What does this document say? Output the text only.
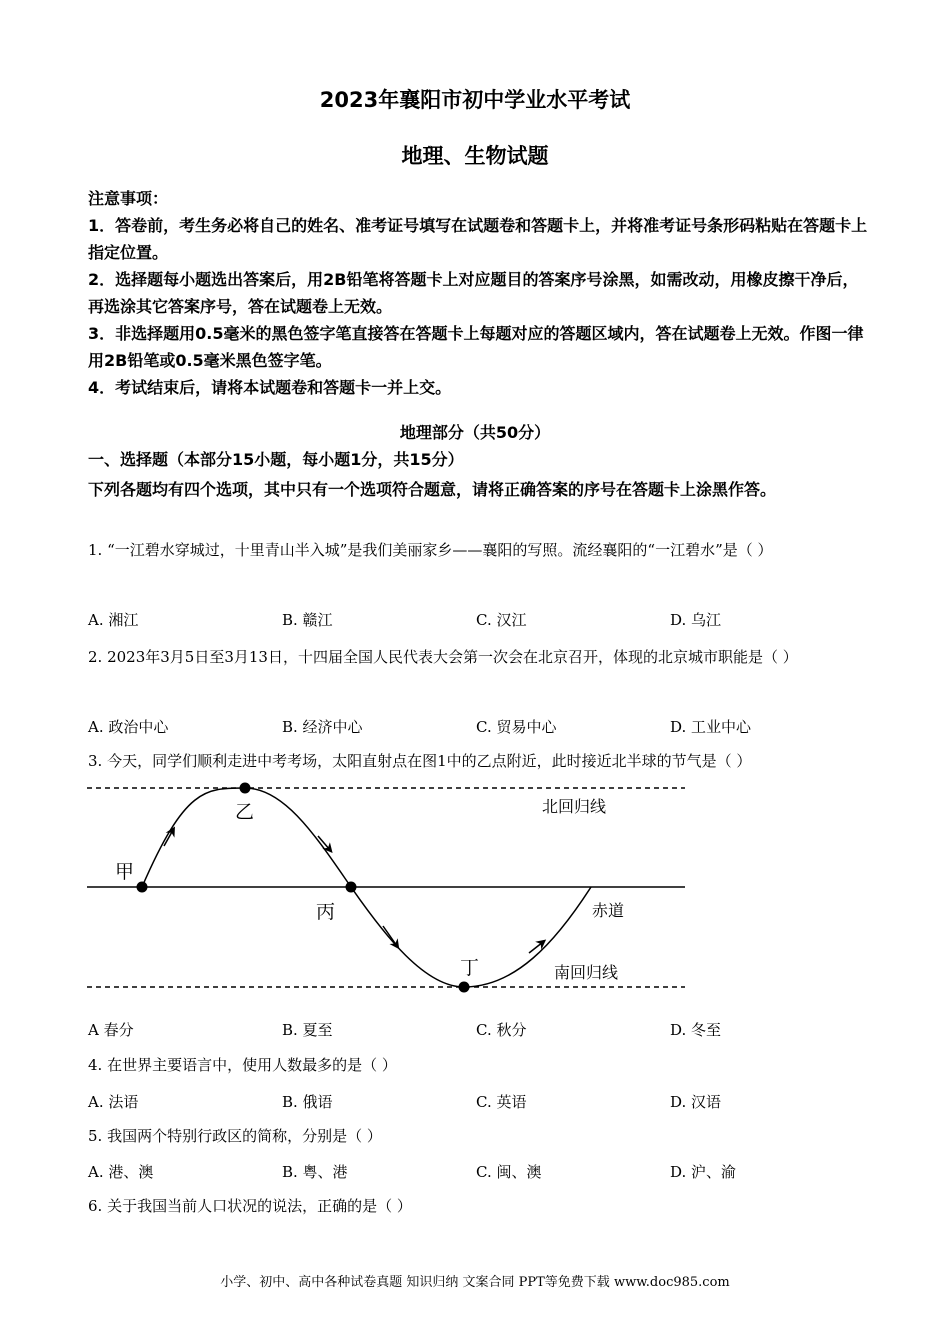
2023年襄阳市初中学业水平考试
地理、生物试题

注意事项：

1．答卷前，考生务必将自己的姓名、准考证号填写在试题卷和答题卡上，并将准考证号条形码粘贴在答题卡上指定位置。

2．选择题每小题选出答案后，用2B铅笔将答题卡上对应题目的答案序号涂黑，如需改动，用橡皮擦干净后，再选涂其它答案序号，答在试题卷上无效。

3．非选择题用0.5毫米的黑色签字笔直接答在答题卡上每题对应的答题区域内，答在试题卷上无效。作图一律用2B铅笔或0.5毫米黑色签字笔。

4．考试结束后，请将本试题卷和答题卡一并上交。

地理部分（共50分）

一、选择题（本部分15小题，每小题1分，共15分）

下列各题均有四个选项，其中只有一个选项符合题意，请将正确答案的序号在答题卡上涂黑作答。

1. “一江碧水穿城过，十里青山半入城”是我们美丽家乡——襄阳的写照。流经襄阳的“一江碧水”是（ ）

A. 湘江	B. 赣江	C. 汉江	D. 乌江

2. 2023年3月5日至3月13日，十四届全国人民代表大会第一次会在北京召开，体现的北京城市职能是（ ）

A. 政治中心	B. 经济中心	C. 贸易中心	D. 工业中心

3. 今天，同学们顺利走进中考考场，太阳直射点在图1中的乙点附近，此时接近北半球的节气是（ ）

甲
乙
丙
丁
北回归线
赤道
南回归线
A 春分	B. 夏至	C. 秋分	D. 冬至

4. 在世界主要语言中，使用人数最多的是（ ）

A. 法语	B. 俄语	C. 英语	D. 汉语

5. 我国两个特别行政区的简称，分别是（ ）

A. 港、澳	B. 粤、港	C. 闽、澳	D. 沪、渝

6. 关于我国当前人口状况的说法，正确的是（ ）

小学、初中、高中各种试卷真题 知识归纳 文案合同 PPT等免费下载 www.doc985.com
